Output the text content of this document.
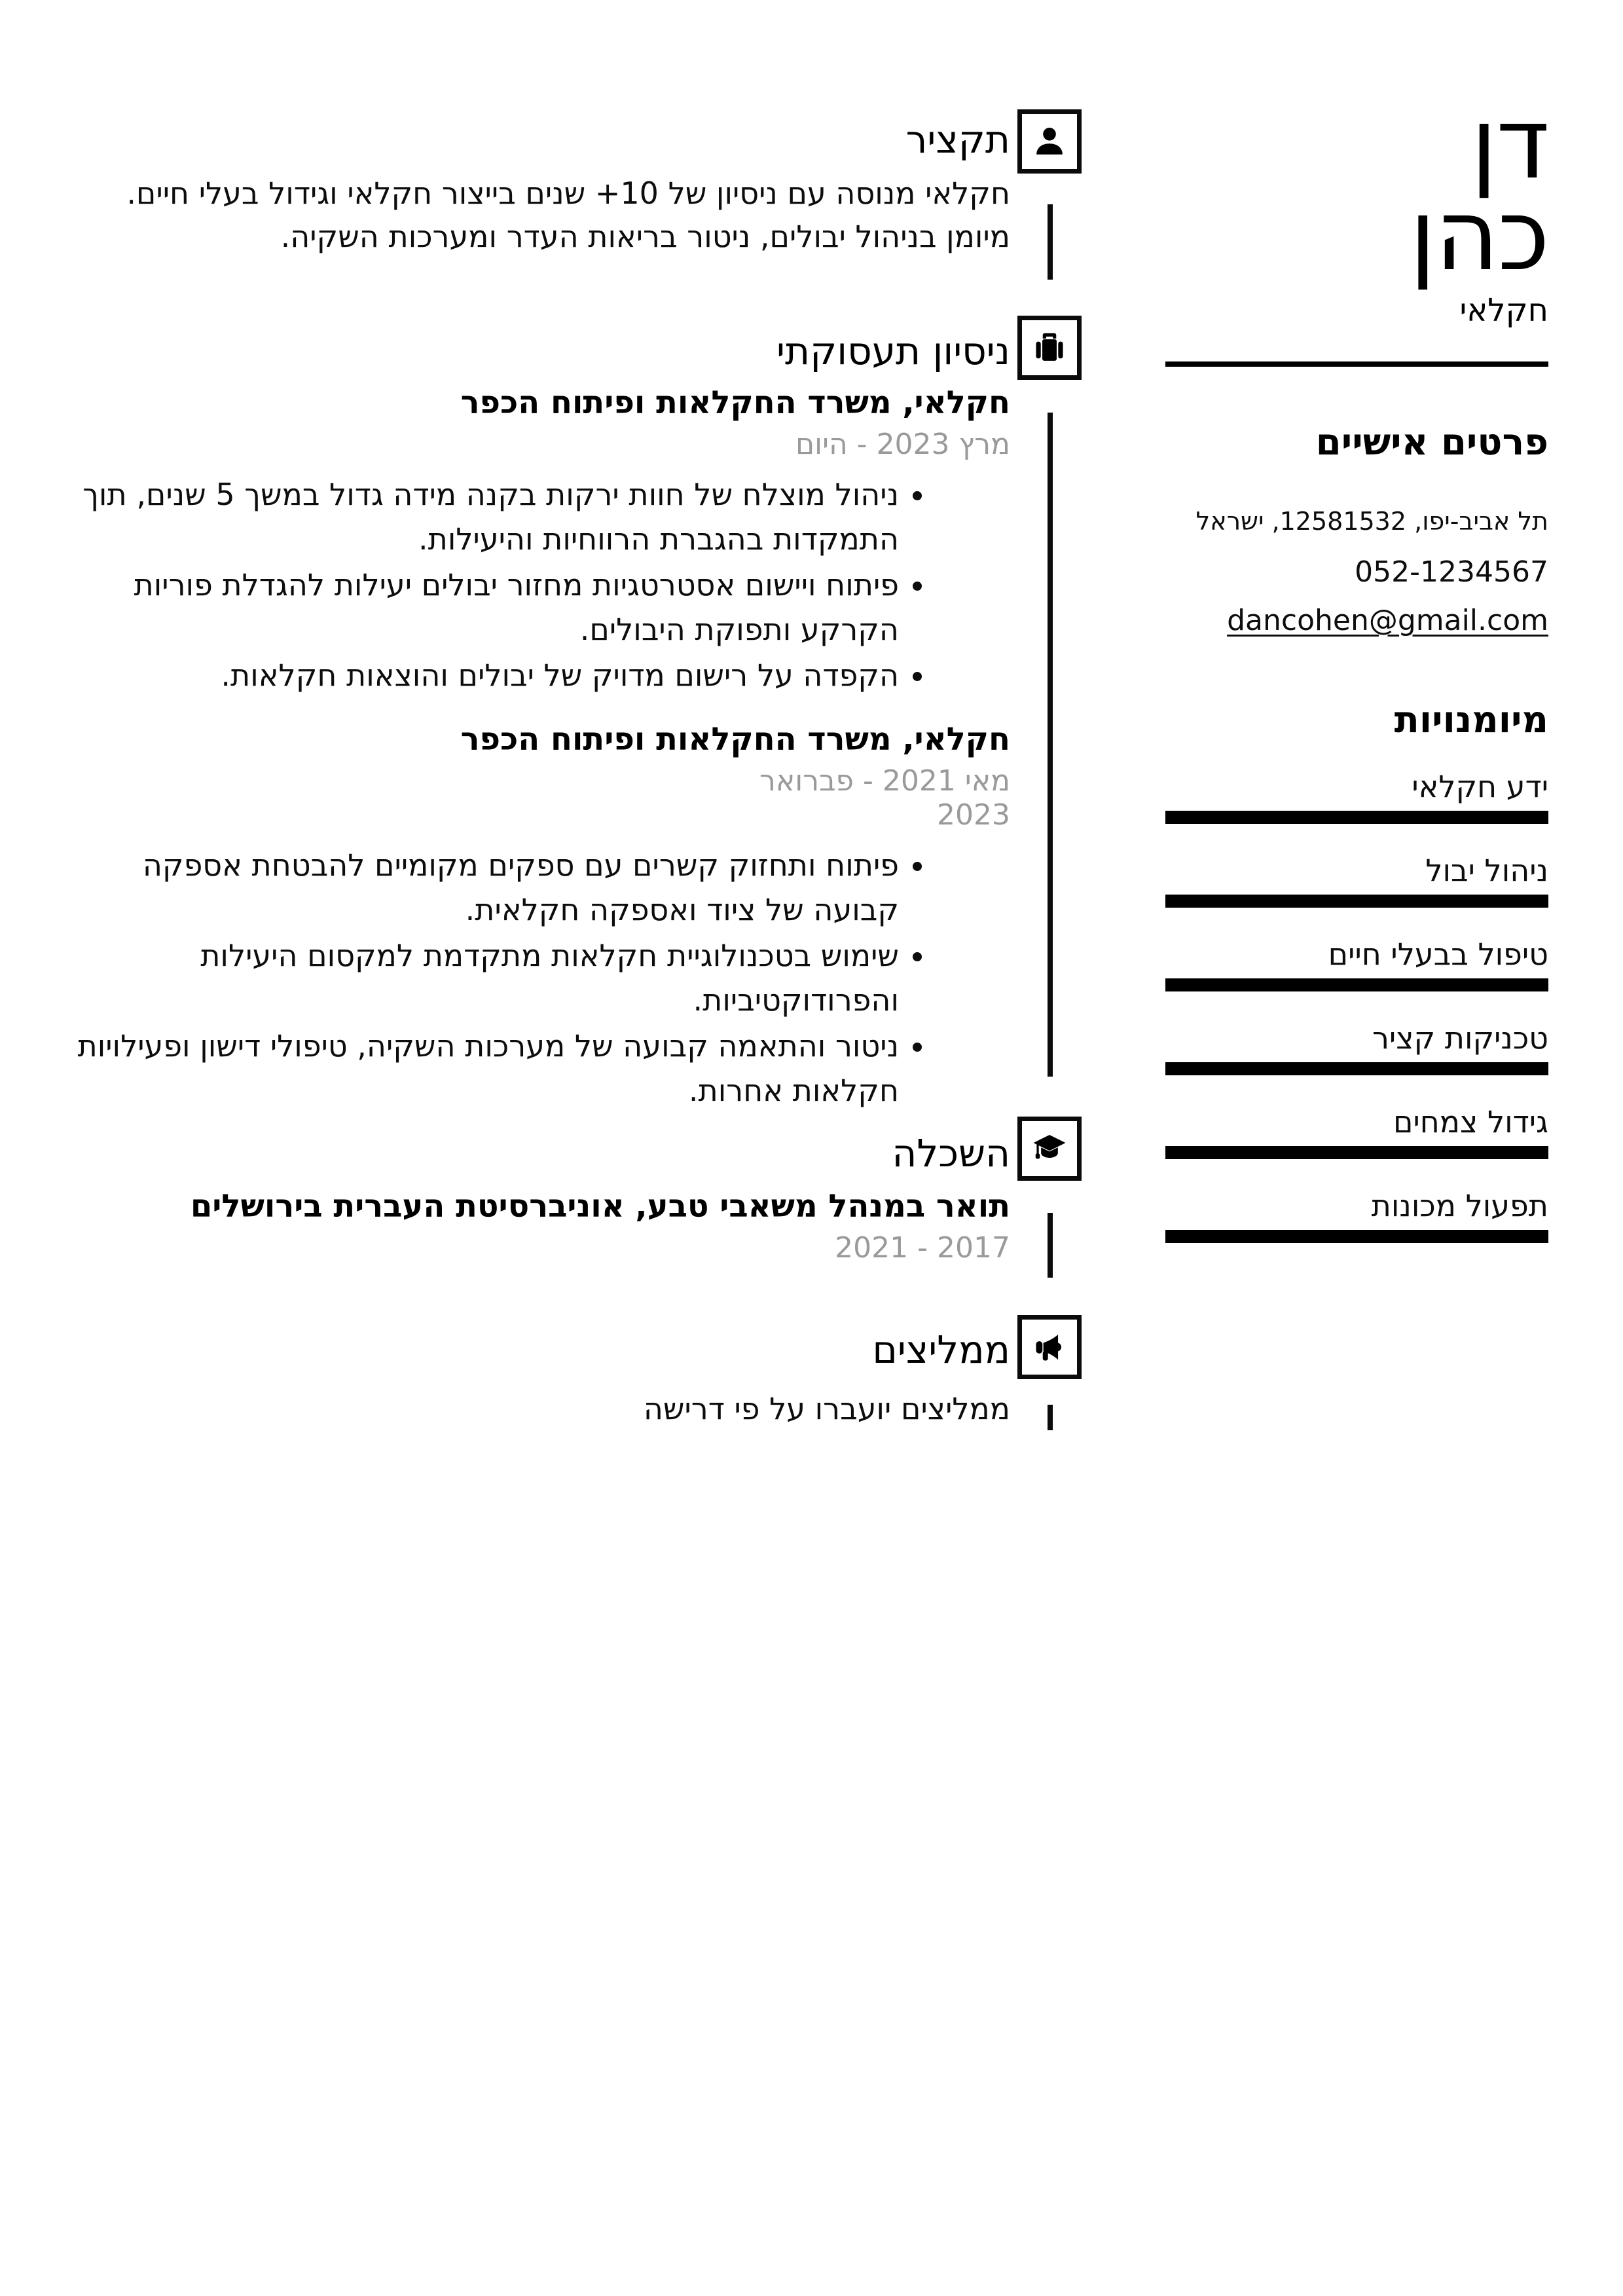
דן
כהן
חקלאי
פרטים אישיים
תל אביב-יפו, 12581532, ישראל
052-1234567
dancohen@gmail.com
מיומנויות
ידע חקלאי
ניהול יבול
טיפול בבעלי חיים
טכניקות קציר
גידול צמחים
תפעול מכונות
תקציר

חקלאי מנוסה עם ניסיון של 10+ שנים בייצור חקלאי וגידול בעלי חיים. מיומן בניהול יבולים, ניטור בריאות העדר ומערכות השקיה.

ניסיון תעסוקתי
חקלאי, משרד החקלאות ופיתוח הכפר
מרץ 2023 - היום
• ניהול מוצלח של חוות ירקות בקנה מידה גדול במשך 5 שנים, תוך התמקדות בהגברת הרווחיות והיעילות.
• פיתוח ויישום אסטרטגיות מחזור יבולים יעילות להגדלת פוריות הקרקע ותפוקת היבולים.
• הקפדה על רישום מדויק של יבולים והוצאות חקלאות.
חקלאי, משרד החקלאות ופיתוח הכפר
מאי 2021 - פברואר 2023
• פיתוח ותחזוק קשרים עם ספקים מקומיים להבטחת אספקה קבועה של ציוד ואספקה חקלאית.
• שימוש בטכנולוגיית חקלאות מתקדמת למקסום היעילות והפרודוקטיביות.
• ניטור והתאמה קבועה של מערכות השקיה, טיפולי דישון ופעילויות חקלאות אחרות.
השכלה
תואר במנהל משאבי טבע, אוניברסיטת העברית בירושלים
2017 - 2021
ממליצים

ממליצים יועברו על פי דרישה
